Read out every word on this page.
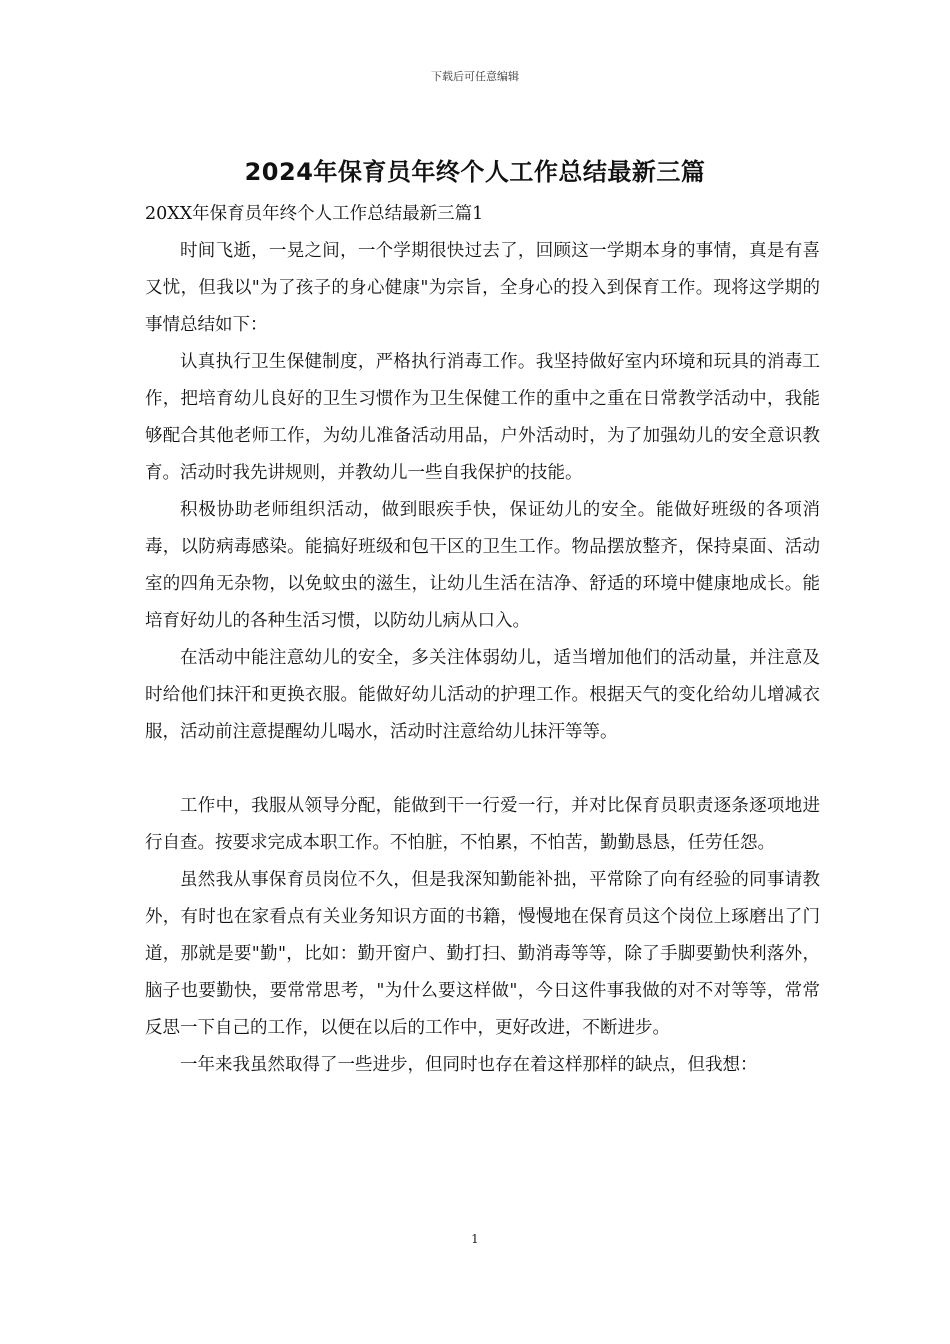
下载后可任意编辑
2024年保育员年终个人工作总结最新三篇

20XX年保育员年终个人工作总结最新三篇1

时间飞逝，一晃之间，一个学期很快过去了，回顾这一学期本身的事情，真是有喜又忧，但我以"为了孩子的身心健康"为宗旨，全身心的投入到保育工作。现将这学期的事情总结如下：

认真执行卫生保健制度，严格执行消毒工作。我坚持做好室内环境和玩具的消毒工作，把培育幼儿良好的卫生习惯作为卫生保健工作的重中之重在日常教学活动中，我能够配合其他老师工作，为幼儿准备活动用品，户外活动时，为了加强幼儿的安全意识教育。活动时我先讲规则，并教幼儿一些自我保护的技能。

积极协助老师组织活动，做到眼疾手快，保证幼儿的安全。能做好班级的各项消毒，以防病毒感染。能搞好班级和包干区的卫生工作。物品摆放整齐，保持桌面、活动室的四角无杂物，以免蚊虫的滋生，让幼儿生活在洁净、舒适的环境中健康地成长。能培育好幼儿的各种生活习惯，以防幼儿病从口入。

在活动中能注意幼儿的安全，多关注体弱幼儿，适当增加他们的活动量，并注意及时给他们抹汗和更换衣服。能做好幼儿活动的护理工作。根据天气的变化给幼儿增减衣服，活动前注意提醒幼儿喝水，活动时注意给幼儿抹汗等等。

工作中，我服从领导分配，能做到干一行爱一行，并对比保育员职责逐条逐项地进行自查。按要求完成本职工作。不怕脏，不怕累，不怕苦，勤勤恳恳，任劳任怨。

虽然我从事保育员岗位不久，但是我深知勤能补拙，平常除了向有经验的同事请教外，有时也在家看点有关业务知识方面的书籍，慢慢地在保育员这个岗位上琢磨出了门道，那就是要"勤"，比如：勤开窗户、勤打扫、勤消毒等等，除了手脚要勤快利落外，脑子也要勤快，要常常思考，"为什么要这样做"，今日这件事我做的对不对等等，常常反思一下自己的工作，以便在以后的工作中，更好改进，不断进步。

一年来我虽然取得了一些进步，但同时也存在着这样那样的缺点，但我想：

1
